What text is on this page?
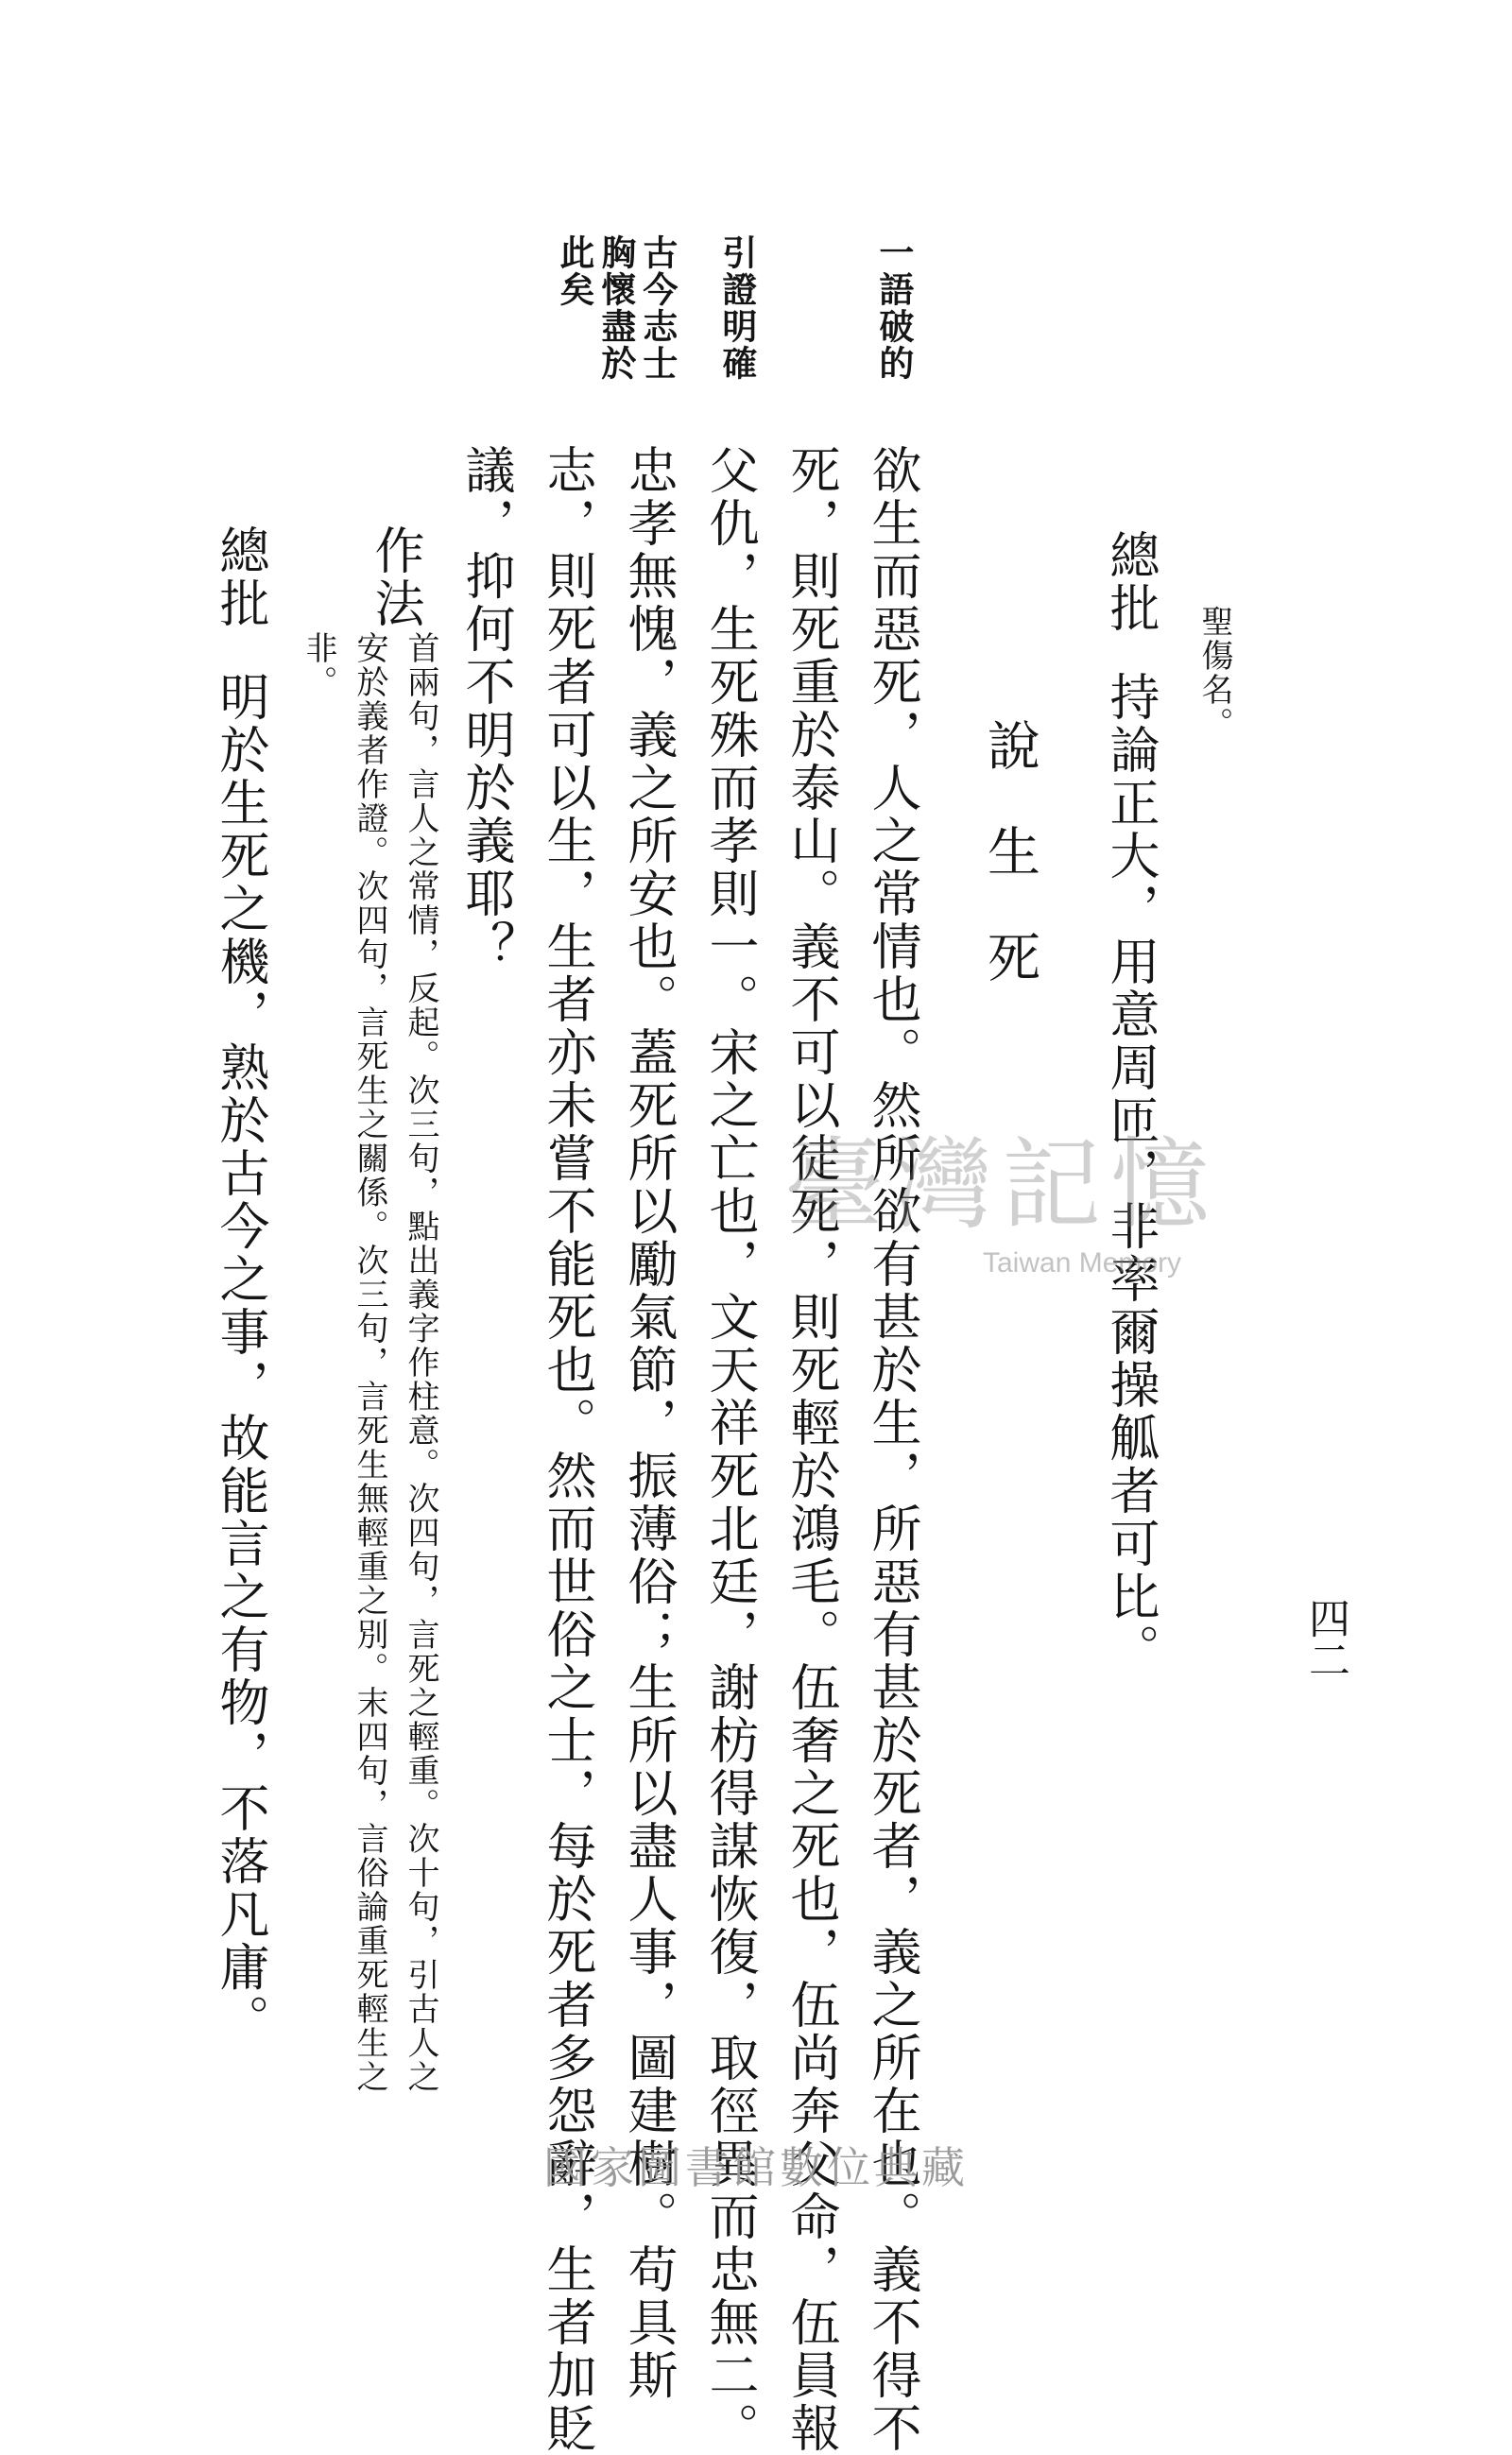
四二
聖傷名。
總批
持論正大，用意周匝，非率爾操觚者可比。
說　生　死
欲生而惡死，人之常情也。然所欲有甚於生，所惡有甚於死者，義之所在也。義不得不
死，則死重於泰山。義不可以徒死，則死輕於鴻毛。伍奢之死也，伍尚奔父命，伍員報
父仇，生死殊而孝則一。宋之亡也，文天祥死北廷，謝枋得謀恢復，取徑異而忠無二。
忠孝無愧，義之所安也。蓋死所以勵氣節，振薄俗；生所以盡人事，圖建樹。苟具斯
志，則死者可以生，生者亦未嘗不能死也。然而世俗之士，每於死者多怨辭，生者加貶
議，抑何不明於義耶？
一語破的
引證明確
古今志士
胸懷盡於
此矣
作法
首兩句，言人之常情，反起。次三句，點出義字作柱意。次四句，言死之輕重。次十句，引古人之
安於義者作證。次四句，言死生之關係。次三句，言死生無輕重之別。末四句，言俗論重死輕生之
非。
總批
明於生死之機，熟於古今之事，故能言之有物，不落凡庸。	臺灣記憶
Taiwan Memory
國家圖書館數位典藏
